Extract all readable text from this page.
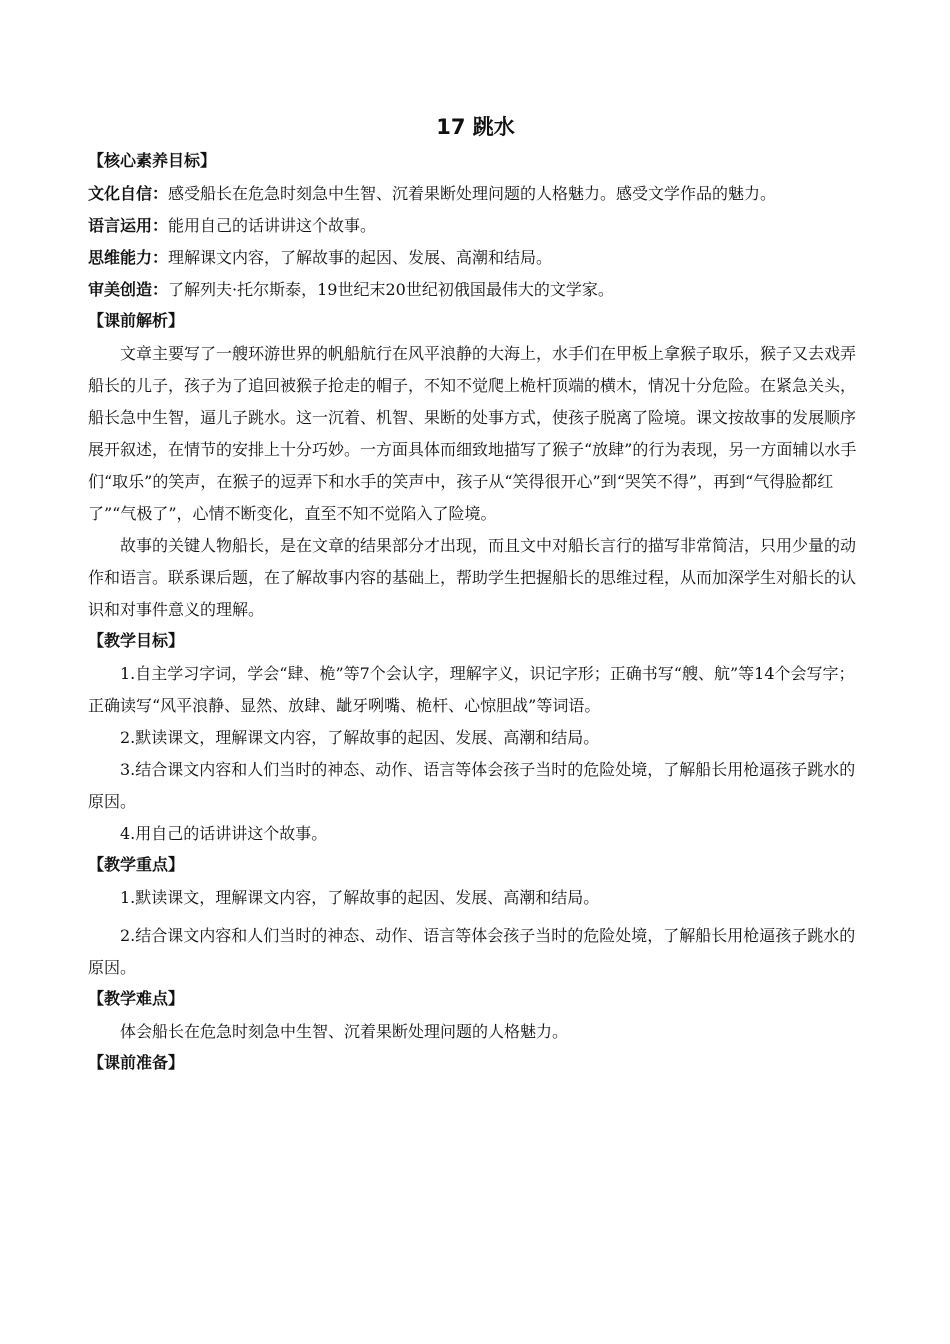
17 跳水
【核心素养目标】

文化自信：感受船长在危急时刻急中生智、沉着果断处理问题的人格魅力。感受文学作品的魅力。

语言运用：能用自己的话讲讲这个故事。

思维能力：理解课文内容，了解故事的起因、发展、高潮和结局。

审美创造：了解列夫·托尔斯泰，19世纪末20世纪初俄国最伟大的文学家。

【课前解析】

文章主要写了一艘环游世界的帆船航行在风平浪静的大海上，水手们在甲板上拿猴子取乐，猴子又去戏弄船长的儿子，孩子为了追回被猴子抢走的帽子，不知不觉爬上桅杆顶端的横木，情况十分危险。在紧急关头，船长急中生智，逼儿子跳水。这一沉着、机智、果断的处事方式，使孩子脱离了险境。课文按故事的发展顺序展开叙述，在情节的安排上十分巧妙。一方面具体而细致地描写了猴子“放肆”的行为表现，另一方面辅以水手们“取乐”的笑声，在猴子的逗弄下和水手的笑声中，孩子从“笑得很开心”到“哭笑不得”，再到“气得脸都红了”“气极了”，心情不断变化，直至不知不觉陷入了险境。

故事的关键人物船长，是在文章的结果部分才出现，而且文中对船长言行的描写非常简洁，只用少量的动作和语言。联系课后题，在了解故事内容的基础上，帮助学生把握船长的思维过程，从而加深学生对船长的认识和对事件意义的理解。

【教学目标】

1.自主学习字词，学会“肆、桅”等7个会认字，理解字义，识记字形；正确书写“艘、航”等14个会写字；正确读写“风平浪静、显然、放肆、龇牙咧嘴、桅杆、心惊胆战”等词语。

2.默读课文，理解课文内容，了解故事的起因、发展、高潮和结局。

3.结合课文内容和人们当时的神态、动作、语言等体会孩子当时的危险处境，了解船长用枪逼孩子跳水的原因。

4.用自己的话讲讲这个故事。

【教学重点】

1.默读课文，理解课文内容，了解故事的起因、发展、高潮和结局。

2.结合课文内容和人们当时的神态、动作、语言等体会孩子当时的危险处境，了解船长用枪逼孩子跳水的原因。

【教学难点】

体会船长在危急时刻急中生智、沉着果断处理问题的人格魅力。

【课前准备】
